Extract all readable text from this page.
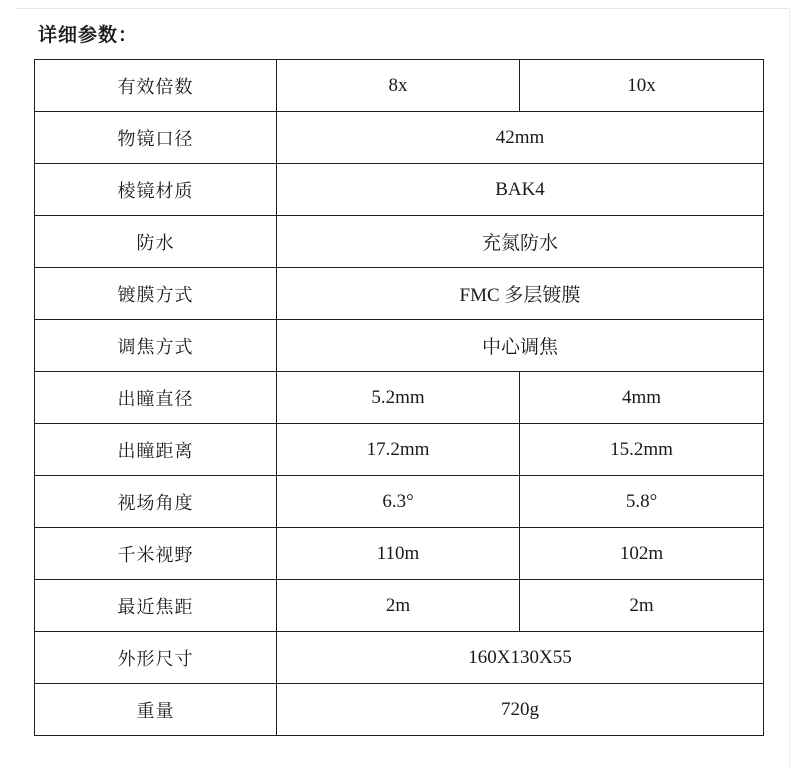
详细参数：
有效倍数	8x	10x
物镜口径	42mm	
棱镜材质	BAK4	
防水	充氮防水	
镀膜方式	FMC 多层镀膜	
调焦方式	中心调焦	
出瞳直径	5.2mm	4mm
出瞳距离	17.2mm	15.2mm
视场角度	6.3°	5.8°
千米视野	110m	102m
最近焦距	2m	2m
外形尺寸	160X130X55	
重量	720g	
